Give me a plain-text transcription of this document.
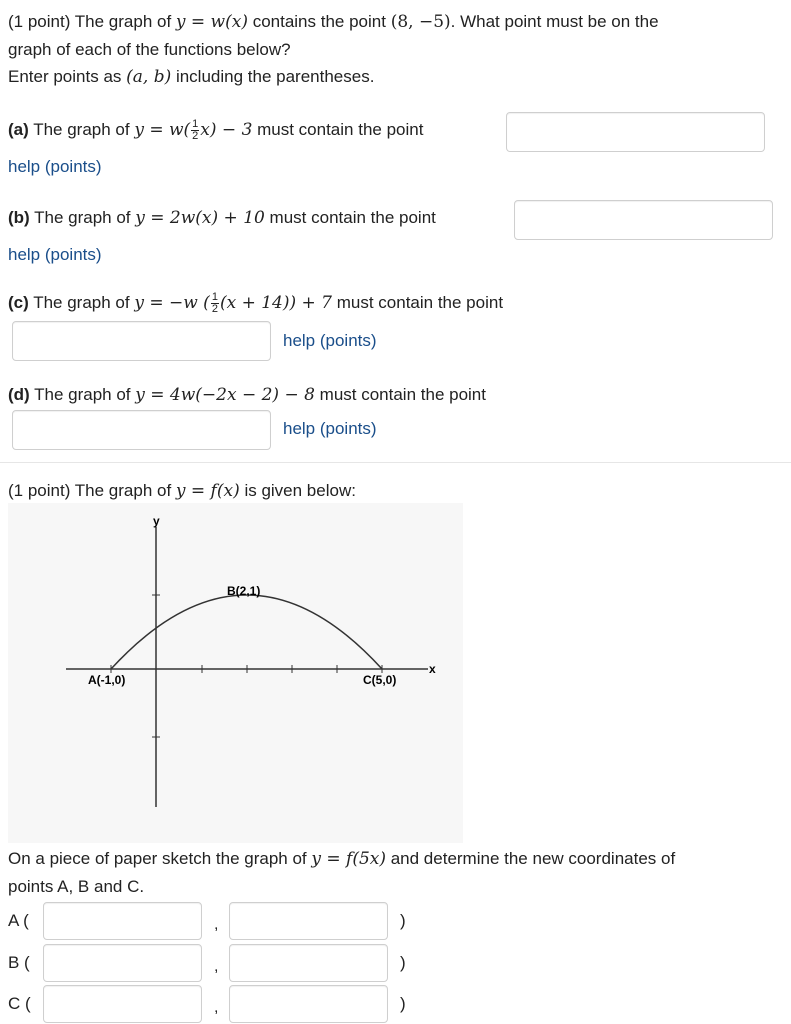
(1 point) The graph of y = w(x) contains the point (8, −5). What point must be on the
graph of each of the functions below?
Enter points as (a, b) including the parentheses.
(a) The graph of $y = w( \frac{1}{2} x) - 3$ must contain the point
help (points)
(b) The graph of y = 2w(x) + 10 must contain the point
help (points)
(c) The graph of y = −w ( $\frac{1}{2} (x + 14)) + 7$ must contain the point
help (points)
(d) The graph of y = 4w(−2x − 2) − 8 must contain the point
help (points)
(1 point) The graph of y = f(x) is given below:
y
x
A(-1,0)
B(2,1)
C(5,0)
On a piece of paper sketch the graph of y = f(5x) and determine the new coordinates of
points A, B and C.
A (	,	)
B (	,	)
C (	,	)
